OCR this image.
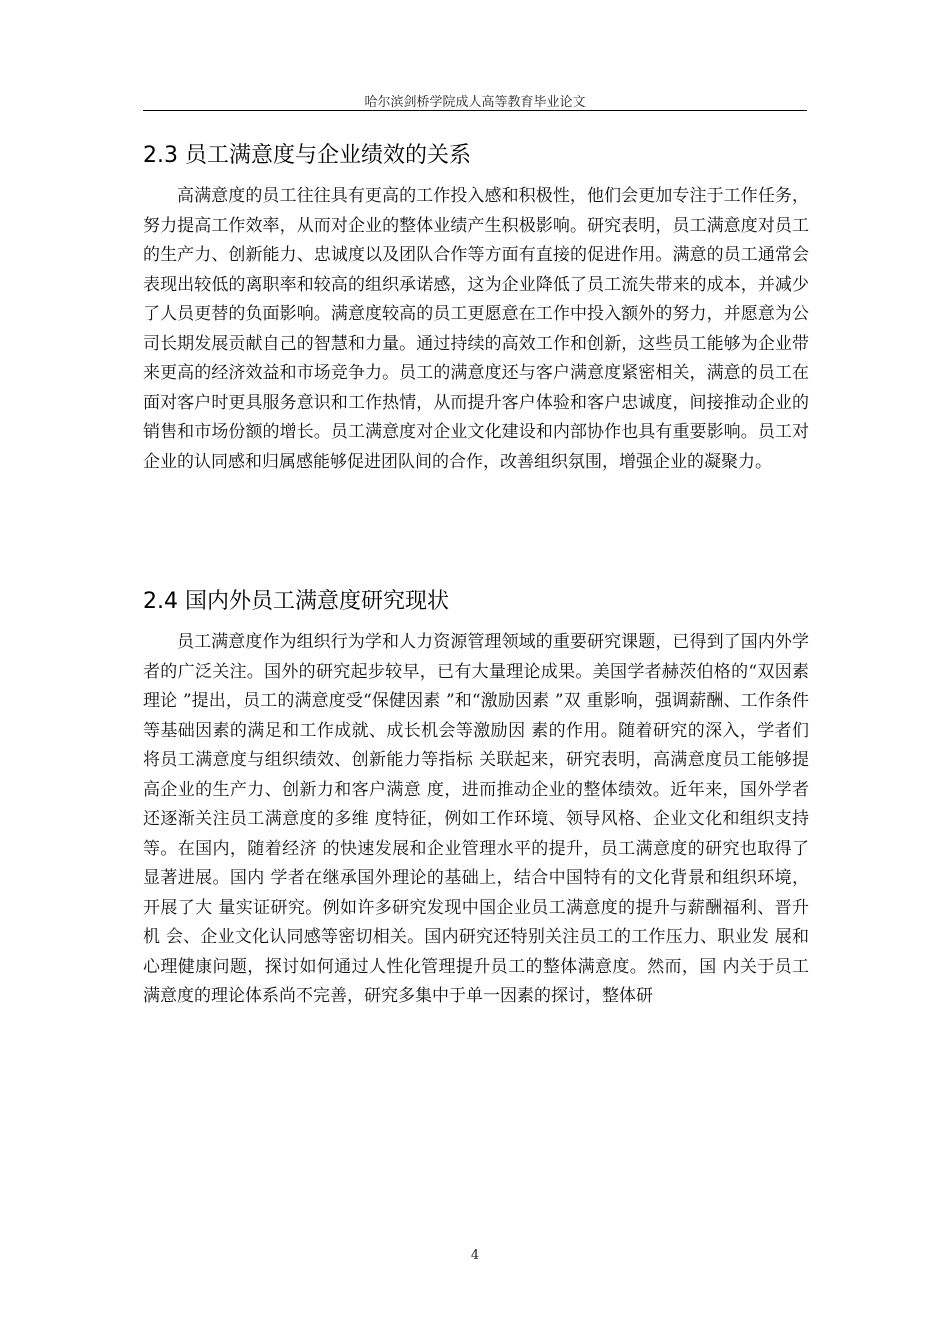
哈尔滨剑桥学院成人高等教育毕业论文
2.3 员工满意度与企业绩效的关系

高满意度的员工往往具有更高的工作投入感和积极性，他们会更加专注于工作任务，努力提高工作效率，从而对企业的整体业绩产生积极影响。研究表明，员工满意度对员工的生产力、创新能力、忠诚度以及团队合作等方面有直接的促进作用。满意的员工通常会表现出较低的离职率和较高的组织承诺感，这为企业降低了员工流失带来的成本，并减少了人员更替的负面影响。满意度较高的员工更愿意在工作中投入额外的努力，并愿意为公司长期发展贡献自己的智慧和力量。通过持续的高效工作和创新，这些员工能够为企业带来更高的经济效益和市场竞争力。员工的满意度还与客户满意度紧密相关，满意的员工在面对客户时更具服务意识和工作热情，从而提升客户体验和客户忠诚度，间接推动企业的销售和市场份额的增长。员工满意度对企业文化建设和内部协作也具有重要影响。员工对企业的认同感和归属感能够促进团队间的合作，改善组织氛围，增强企业的凝聚力。

2.4 国内外员工满意度研究现状

员工满意度作为组织行为学和人力资源管理领域的重要研究课题，已得到了国内外学者的广泛关注。国外的研究起步较早，已有大量理论成果。美国学者赫茨伯格的“双因素理论 ”提出，员工的满意度受“保健因素 ”和“激励因素 ”双 重影响，强调薪酬、工作条件等基础因素的满足和工作成就、成长机会等激励因 素的作用。随着研究的深入，学者们将员工满意度与组织绩效、创新能力等指标 关联起来，研究表明，高满意度员工能够提高企业的生产力、创新力和客户满意 度，进而推动企业的整体绩效。近年来，国外学者还逐渐关注员工满意度的多维 度特征，例如工作环境、领导风格、企业文化和组织支持等。在国内，随着经济 的快速发展和企业管理水平的提升，员工满意度的研究也取得了显著进展。国内 学者在继承国外理论的基础上，结合中国特有的文化背景和组织环境，开展了大 量实证研究。例如许多研究发现中国企业员工满意度的提升与薪酬福利、晋升机 会、企业文化认同感等密切相关。国内研究还特别关注员工的工作压力、职业发 展和心理健康问题，探讨如何通过人性化管理提升员工的整体满意度。然而，国 内关于员工满意度的理论体系尚不完善，研究多集中于单一因素的探讨，整体研

4
